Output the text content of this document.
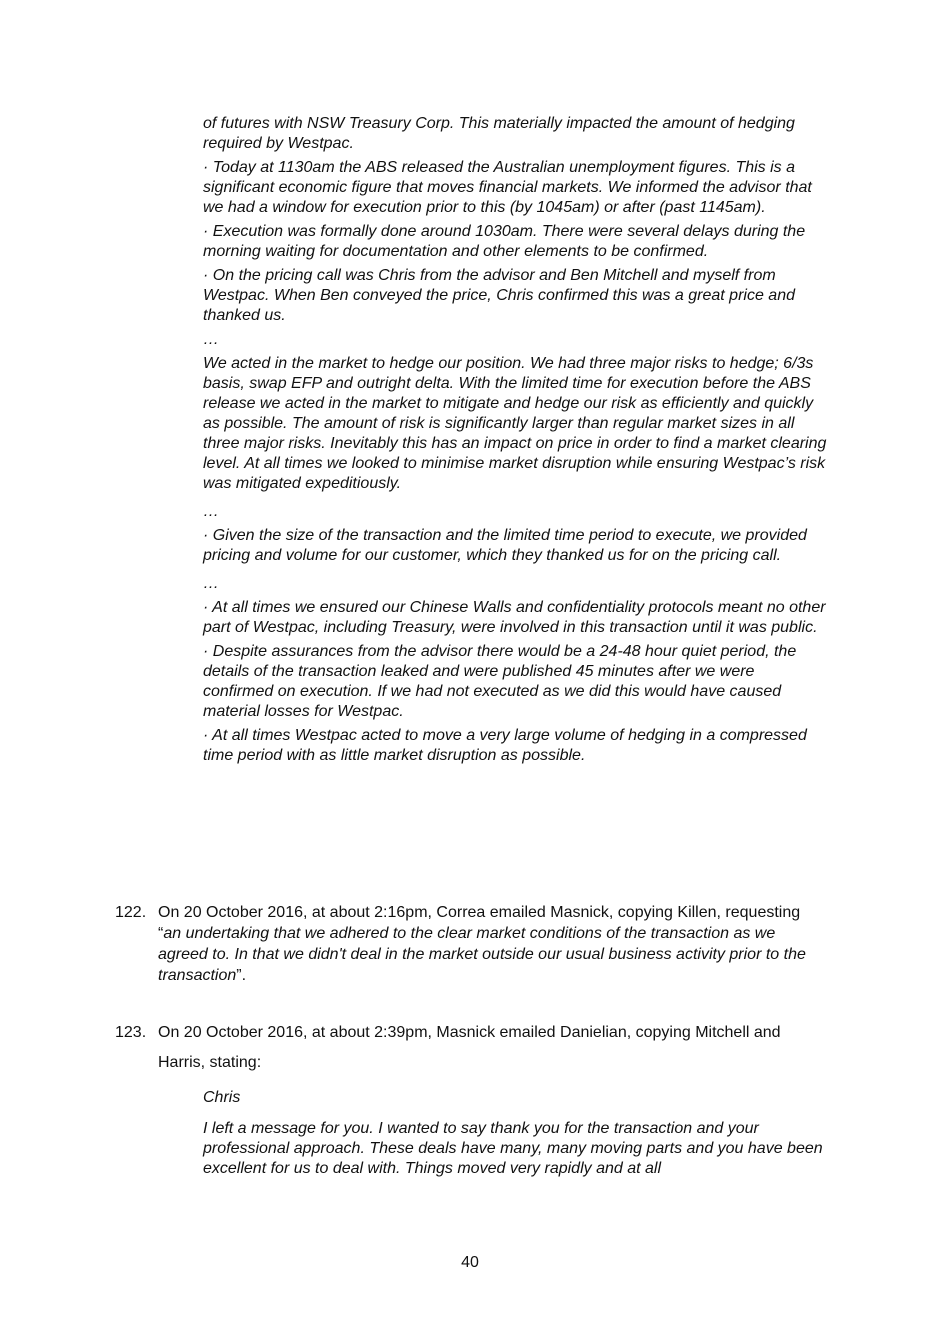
of futures with NSW Treasury Corp. This materially impacted the amount of hedging required by Westpac.

· Today at 1130am the ABS released the Australian unemployment figures. This is a significant economic figure that moves financial markets. We informed the advisor that we had a window for execution prior to this (by 1045am) or after (past 1145am).

· Execution was formally done around 1030am. There were several delays during the morning waiting for documentation and other elements to be confirmed.

· On the pricing call was Chris from the advisor and Ben Mitchell and myself from Westpac. When Ben conveyed the price, Chris confirmed this was a great price and thanked us.

…

We acted in the market to hedge our position. We had three major risks to hedge; 6/3s basis, swap EFP and outright delta. With the limited time for execution before the ABS release we acted in the market to mitigate and hedge our risk as efficiently and quickly as possible. The amount of risk is significantly larger than regular market sizes in all three major risks. Inevitably this has an impact on price in order to find a market clearing level. At all times we looked to minimise market disruption while ensuring Westpac’s risk was mitigated expeditiously.

…

· Given the size of the transaction and the limited time period to execute, we provided pricing and volume for our customer, which they thanked us for on the pricing call.

…

· At all times we ensured our Chinese Walls and confidentiality protocols meant no other part of Westpac, including Treasury, were involved in this transaction until it was public.

· Despite assurances from the advisor there would be a 24-48 hour quiet period, the details of the transaction leaked and were published 45 minutes after we were confirmed on execution. If we had not executed as we did this would have caused material losses for Westpac.

· At all times Westpac acted to move a very large volume of hedging in a compressed time period with as little market disruption as possible.

122. On 20 October 2016, at about 2:16pm, Correa emailed Masnick, copying Killen, requesting “an undertaking that we adhered to the clear market conditions of the transaction as we agreed to. In that we didn't deal in the market outside our usual business activity prior to the transaction”.
123. On 20 October 2016, at about 2:39pm, Masnick emailed Danielian, copying Mitchell and Harris, stating:

Chris

I left a message for you. I wanted to say thank you for the transaction and your professional approach. These deals have many, many moving parts and you have been excellent for us to deal with. Things moved very rapidly and at all

40
